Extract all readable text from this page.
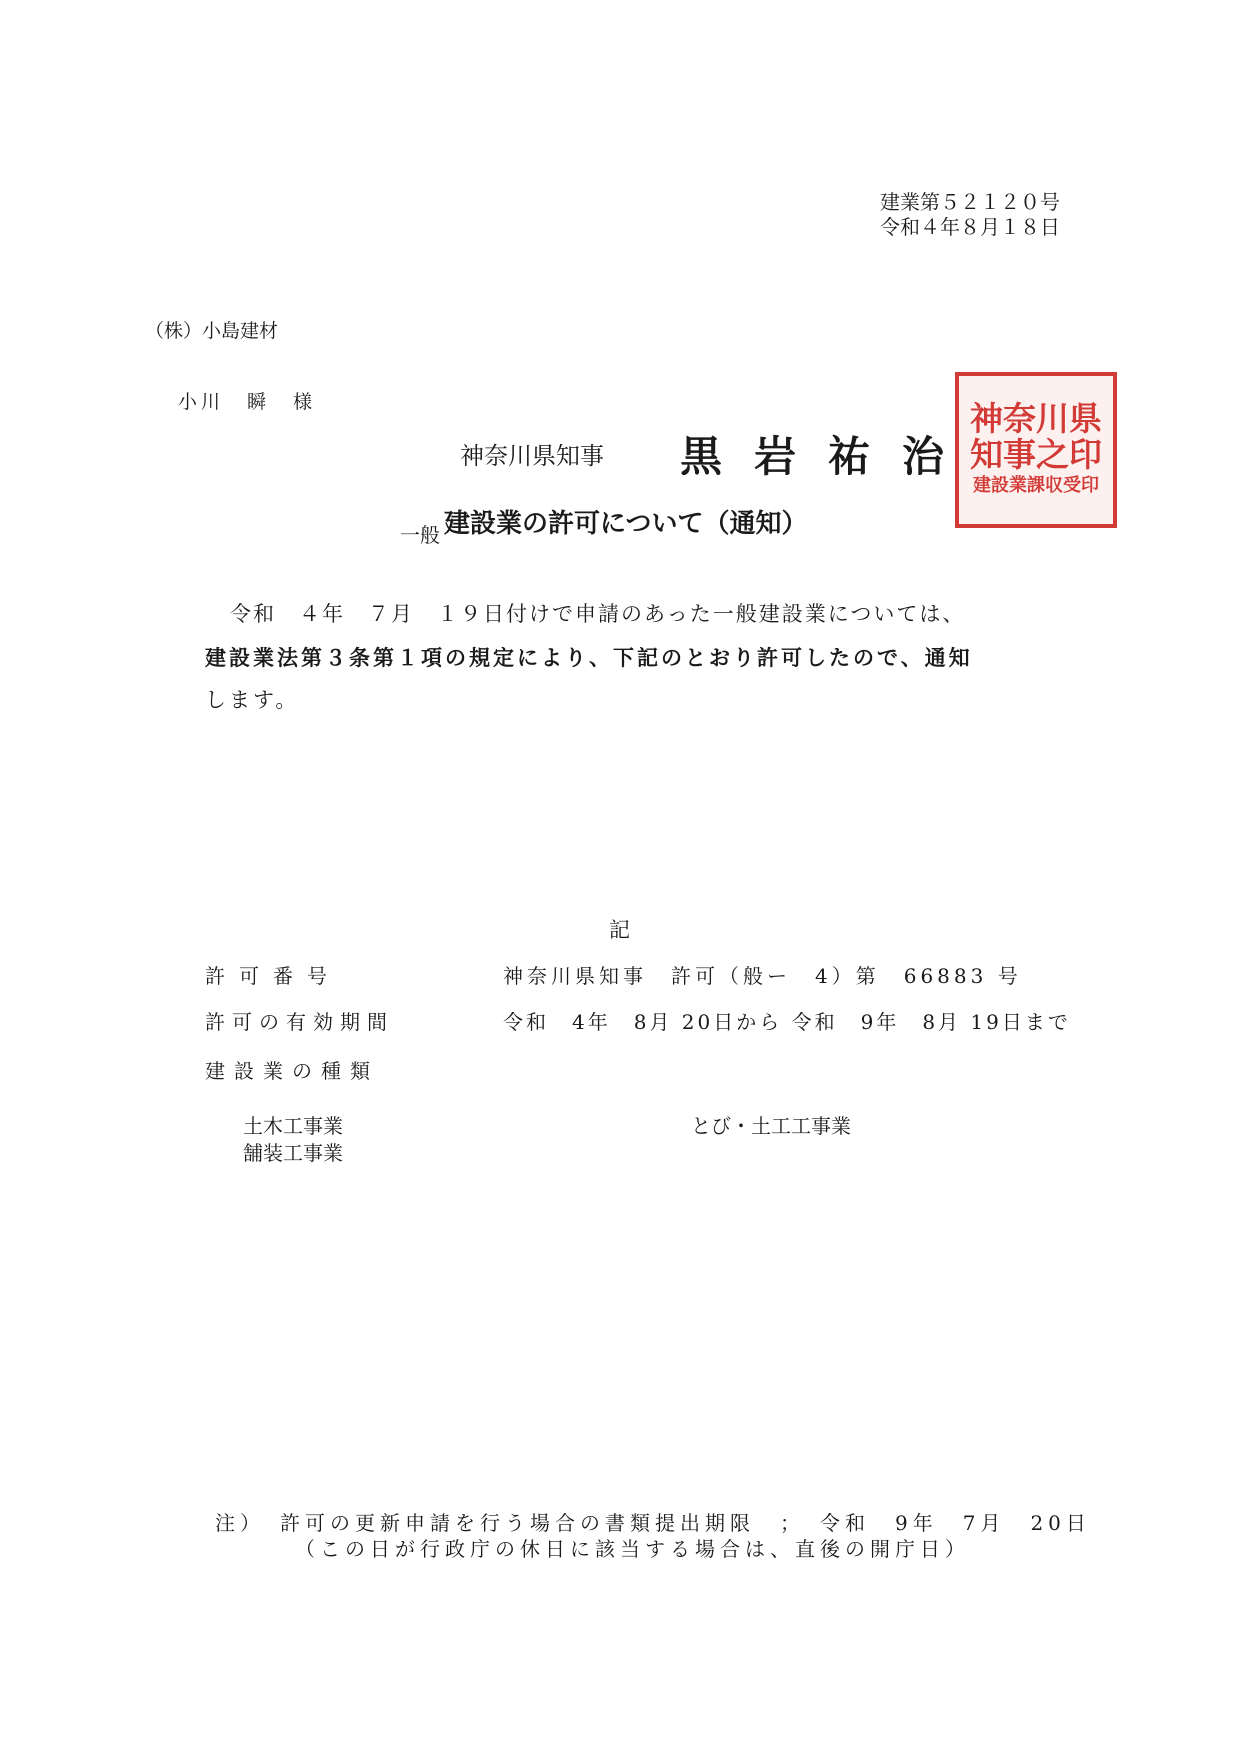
建業第５２１２０号
令和４年８月１８日
（株）小島建材
小川　瞬　様
神奈川県知事 黒岩祐治
神奈川県
知事之印
建設業課収受印
$_{一般}$ 建設業の許可について（通知）
令和　４年　７月　１９日付けで申請のあった一般建設業については、
建設業法第３条第１項の規定により、下記のとおり許可したので、通知
します。
記
許可番号	神奈川県知事　許可（般ー　4）第　66883 号
許可の有効期間	令和　4年　8月 20日から 令和　9年　8月 19日まで
建設業の種類
土木工事業
舗装工事業
とび・土工工事業
注）　許可の更新申請を行う場合の書類提出期限　；　令和　9年　7月　20日
（この日が行政庁の休日に該当する場合は、直後の開庁日）
